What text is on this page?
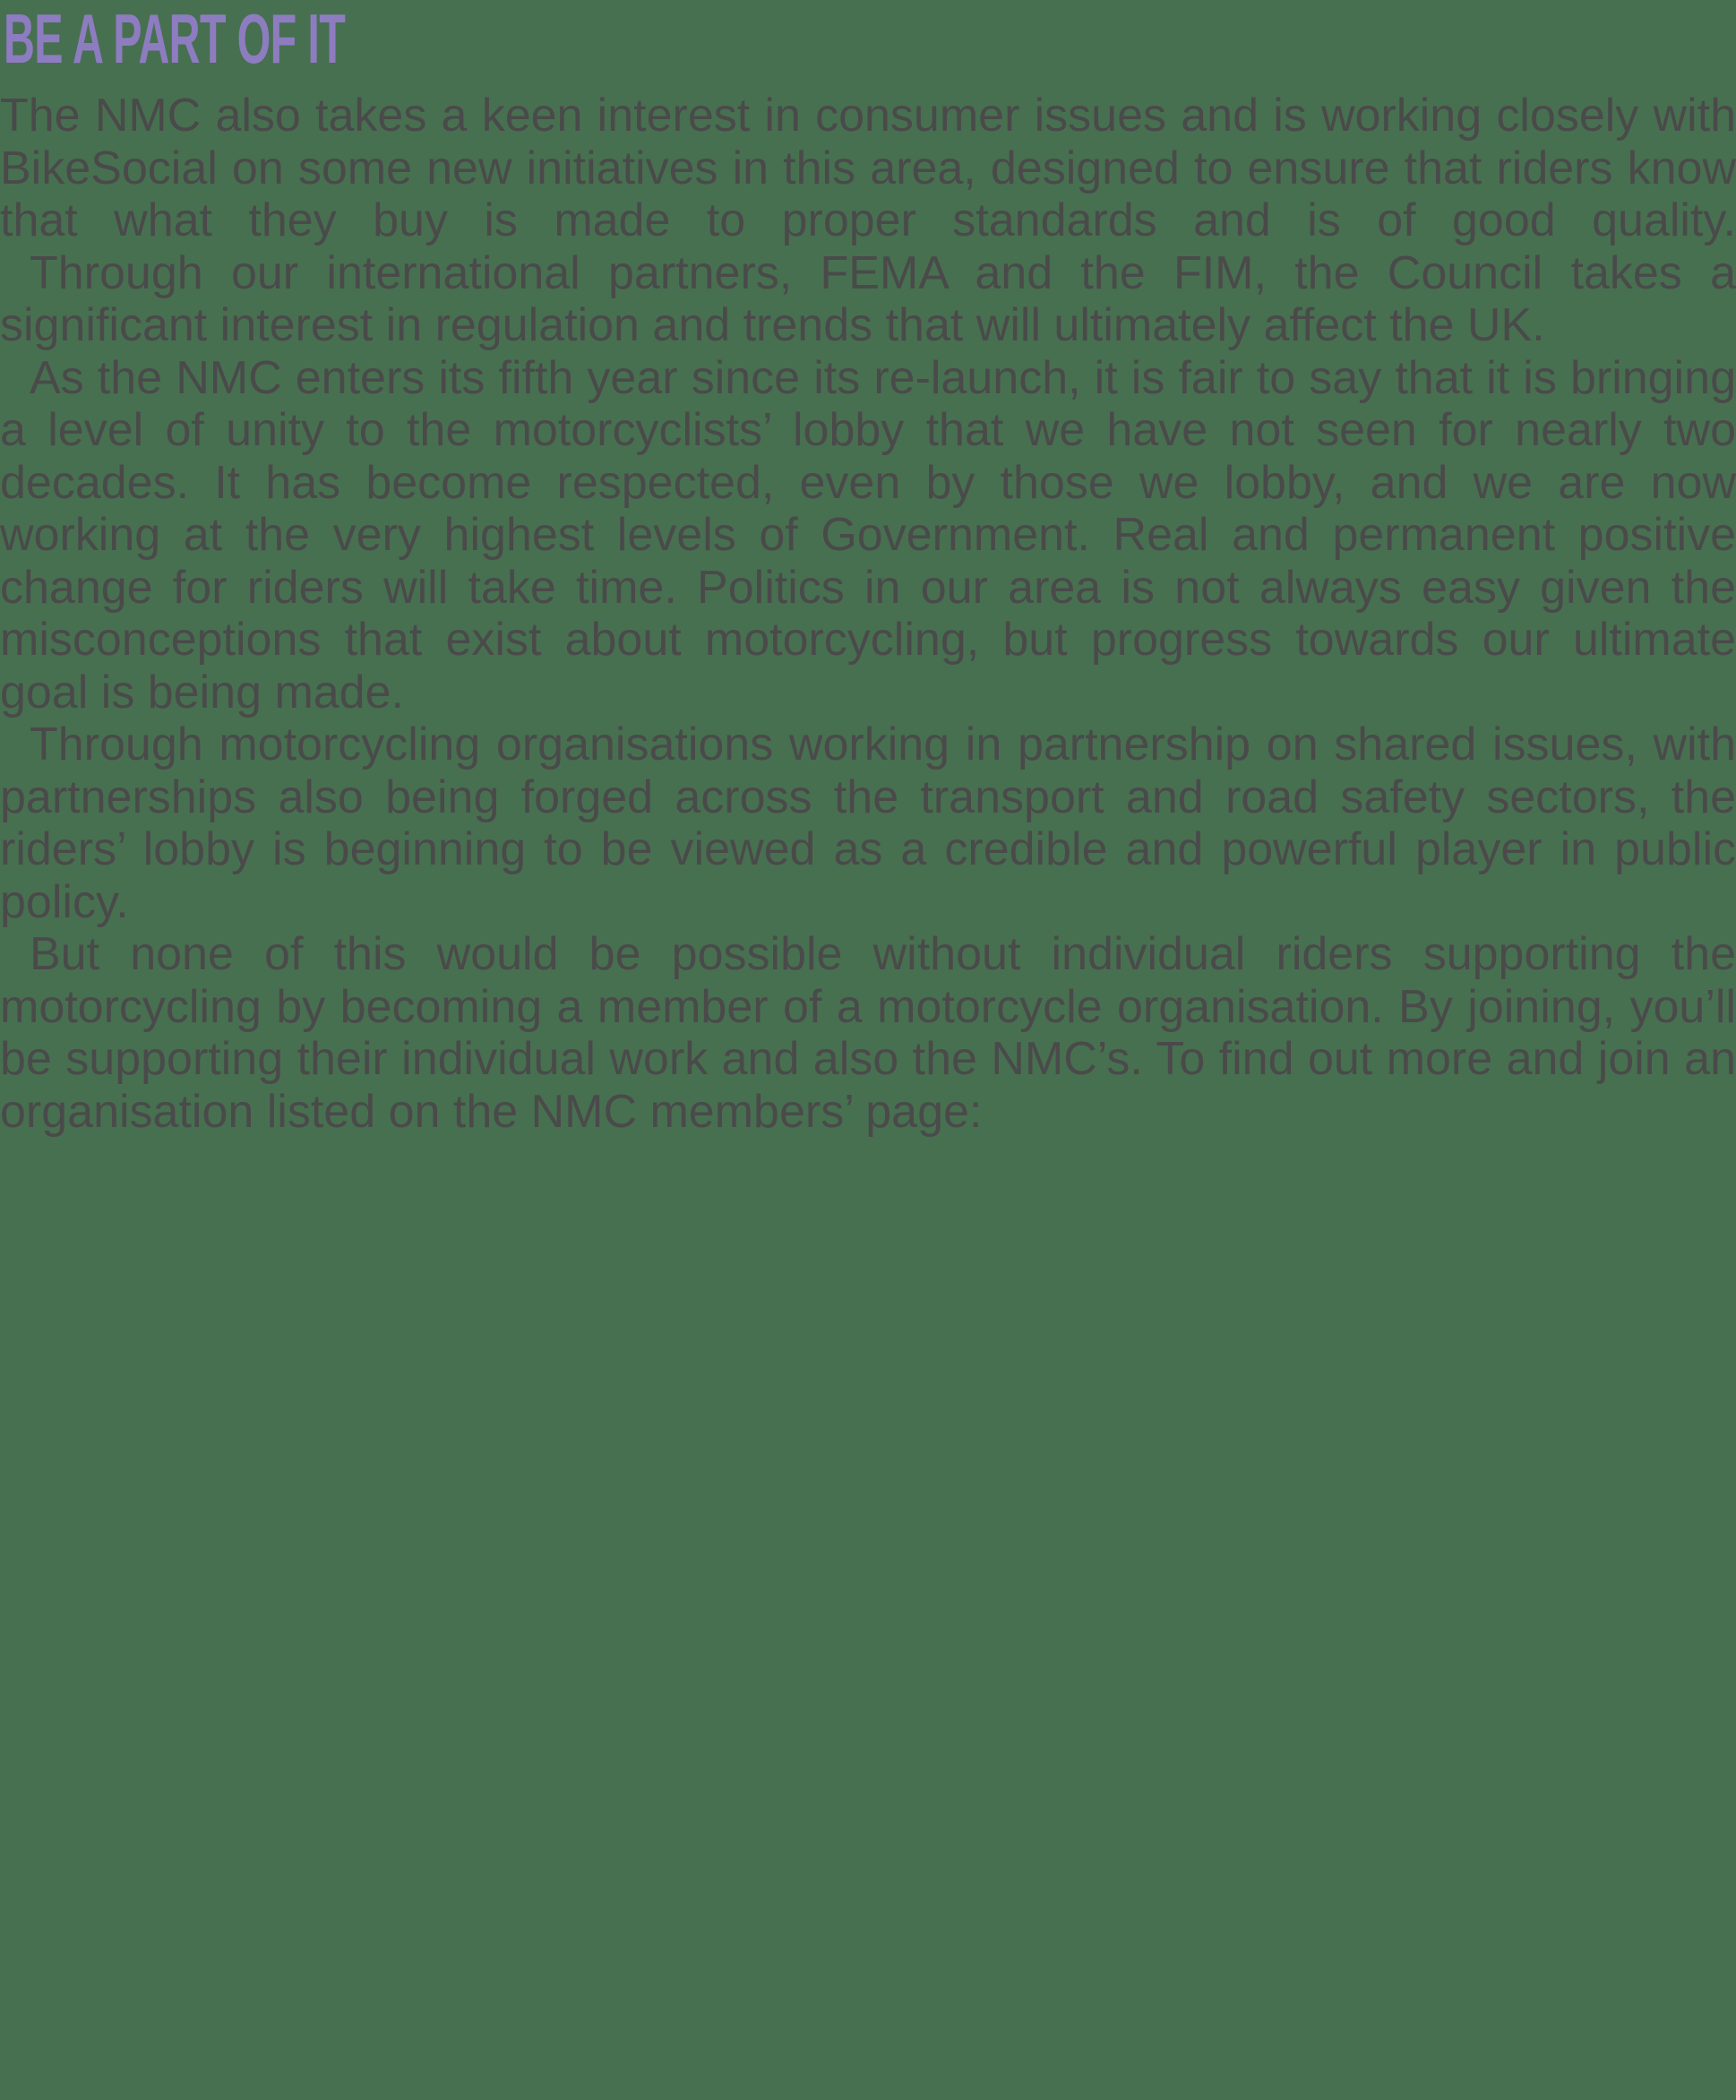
BE A PART OF IT

The NMC also takes a keen interest in consumer issues and is working closely with BikeSocial on some new initiatives in this area, designed to ensure that riders know that what they buy is made to proper standards and is of good quality.

Through our international partners, FEMA and the FIM, the Council takes a significant interest in regulation and trends that will ultimately affect the UK.

As the NMC enters its fifth year since its re-launch, it is fair to say that it is bringing a level of unity to the motorcyclists’ lobby that we have not seen for nearly two decades. It has become respected, even by those we lobby, and we are now working at the very highest levels of Government. Real and permanent positive change for riders will take time. Politics in our area is not always easy given the misconceptions that exist about motorcycling, but progress towards our ultimate goal is being made.

Through motorcycling organisations working in partnership on shared issues, with partnerships also being forged across the transport and road safety sectors, the riders’ lobby is beginning to be viewed as a credible and powerful player in public policy.

But none of this would be possible without individual riders supporting the motorcycling by becoming a member of a motorcycle organisation. By joining, you’ll be supporting their individual work and also the NMC’s. To find out more and join an organisation listed on the NMC members’ page:
